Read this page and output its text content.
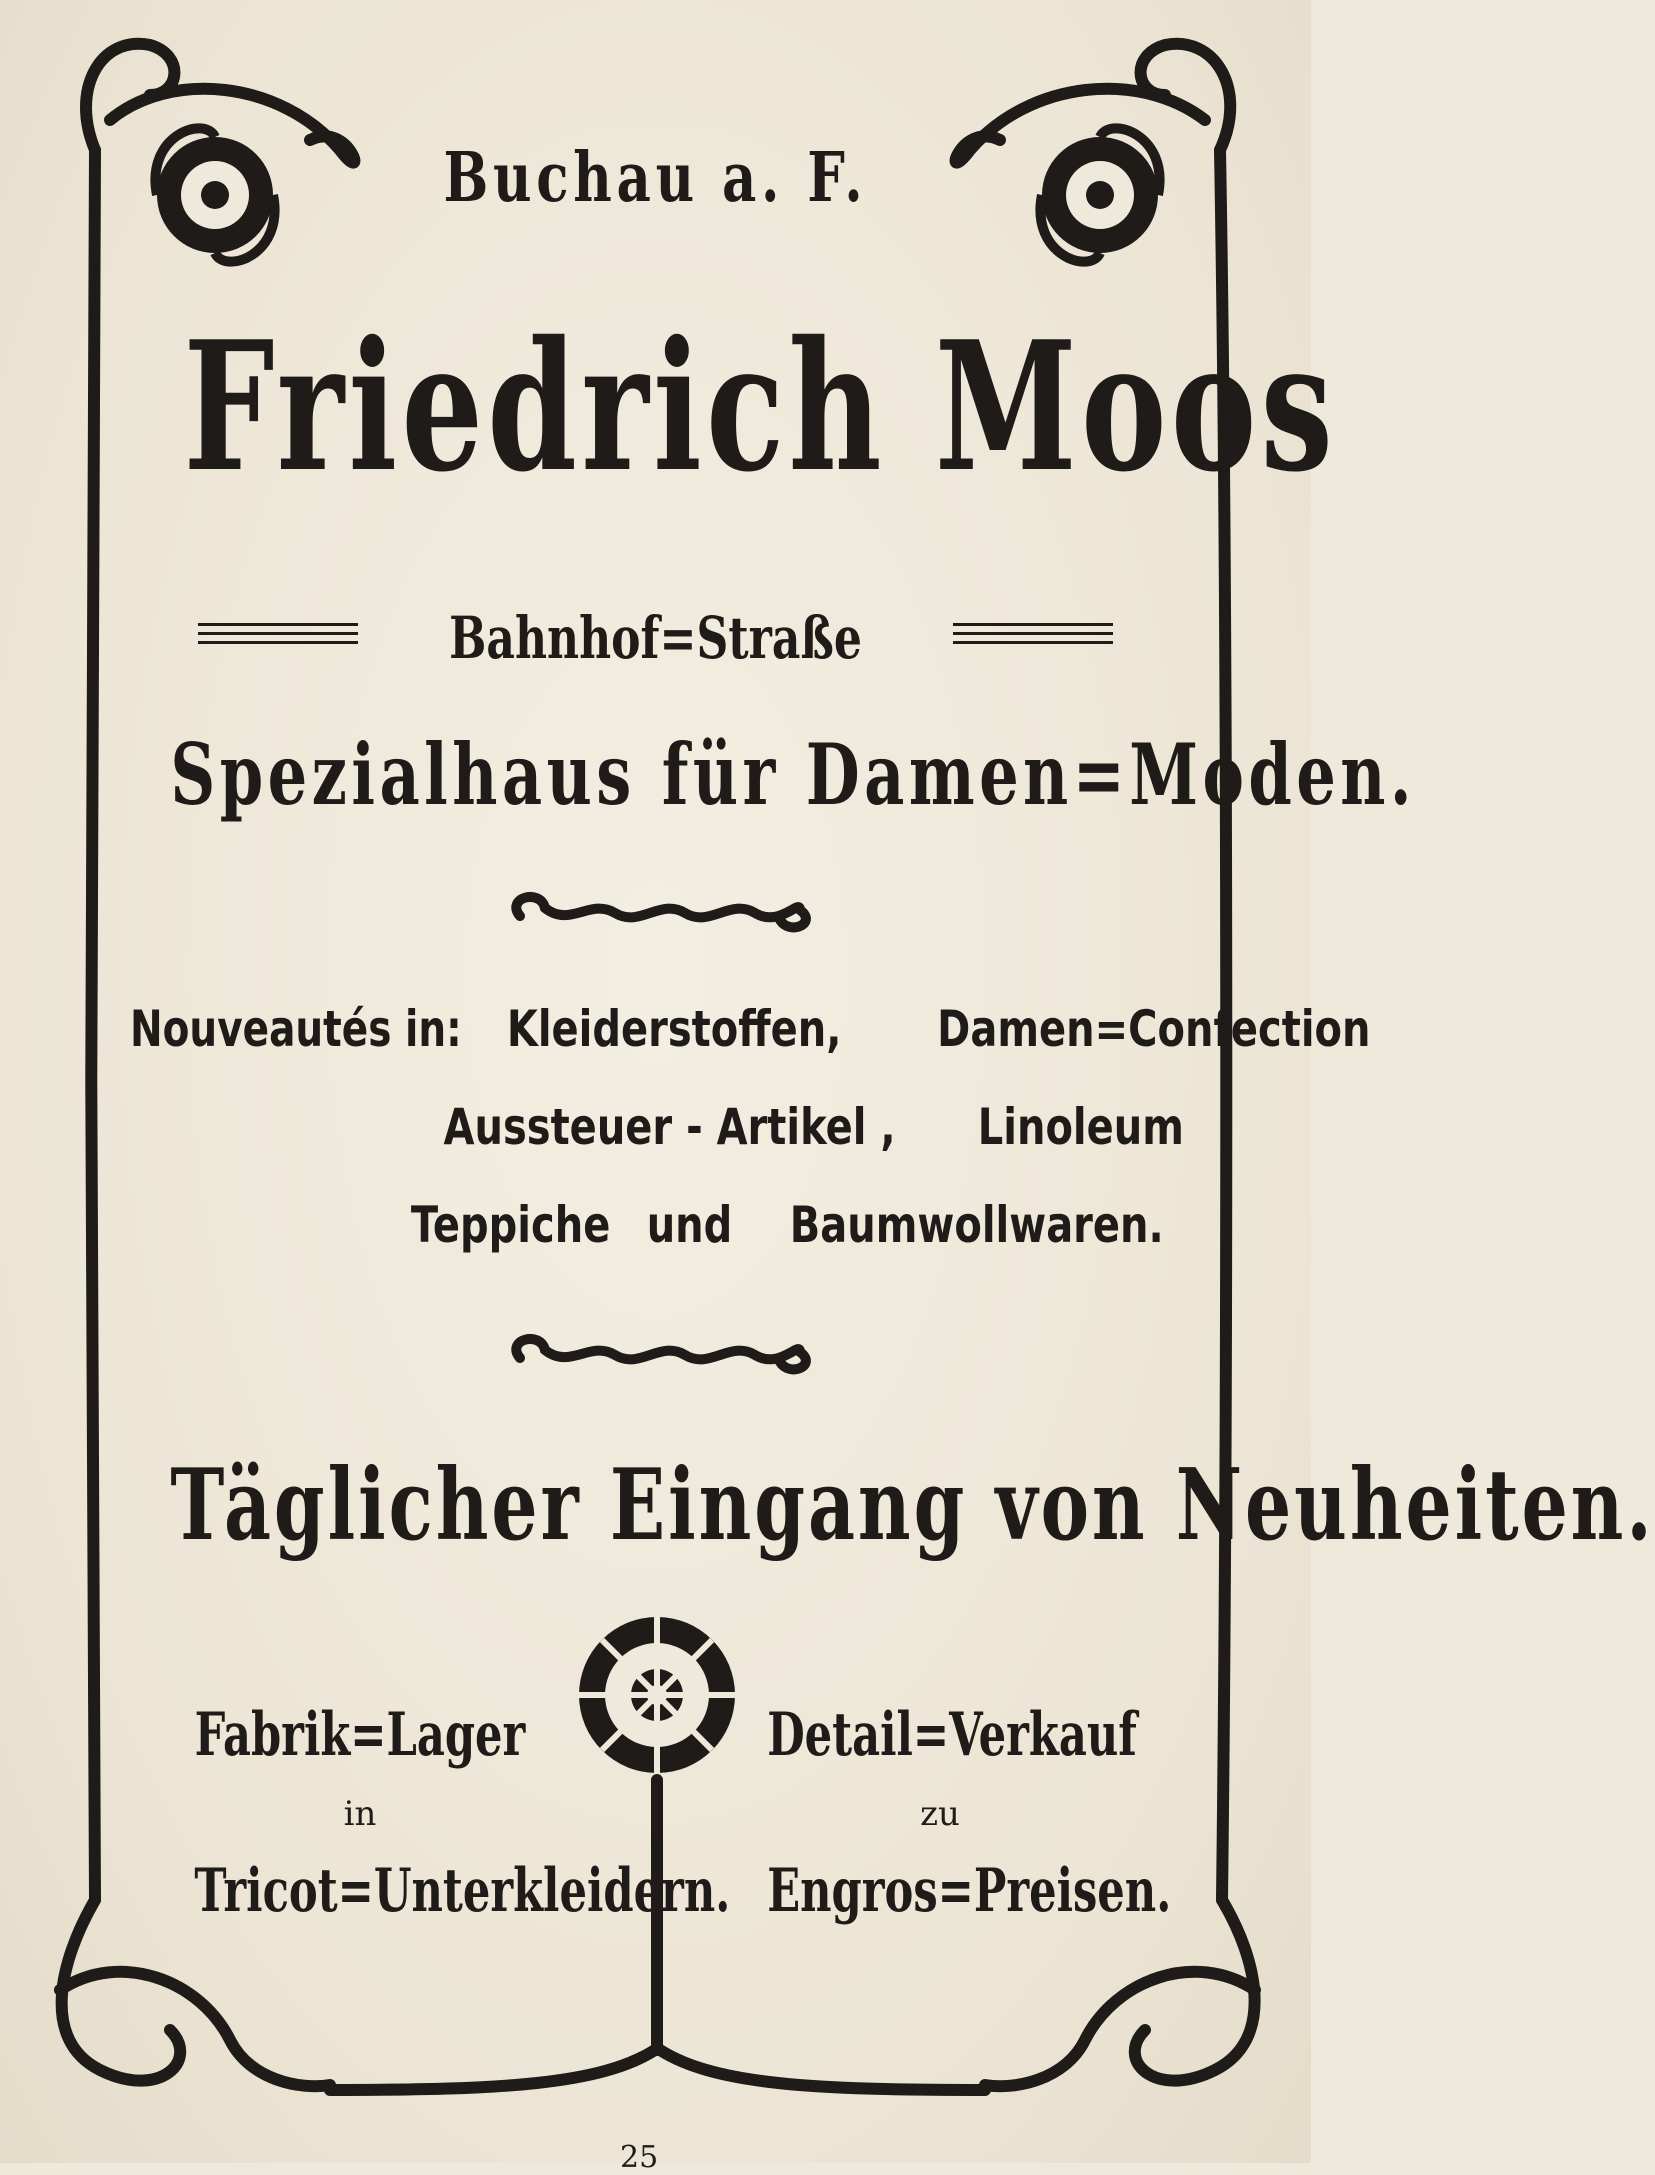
Buchau a. F.
Friedrich Moos
Bahnhof=Straße
Spezialhaus für Damen=Moden.
Nouveautés in: Kleiderstoffen, Damen=Confection
Aussteuer - Artikel , Linoleum
Teppiche und Baumwollwaren.
Täglicher Eingang von Neuheiten.
Fabrik=Lager
in
Tricot=Unterkleidern.
Detail=Verkauf
zu
Engros=Preisen.
25
